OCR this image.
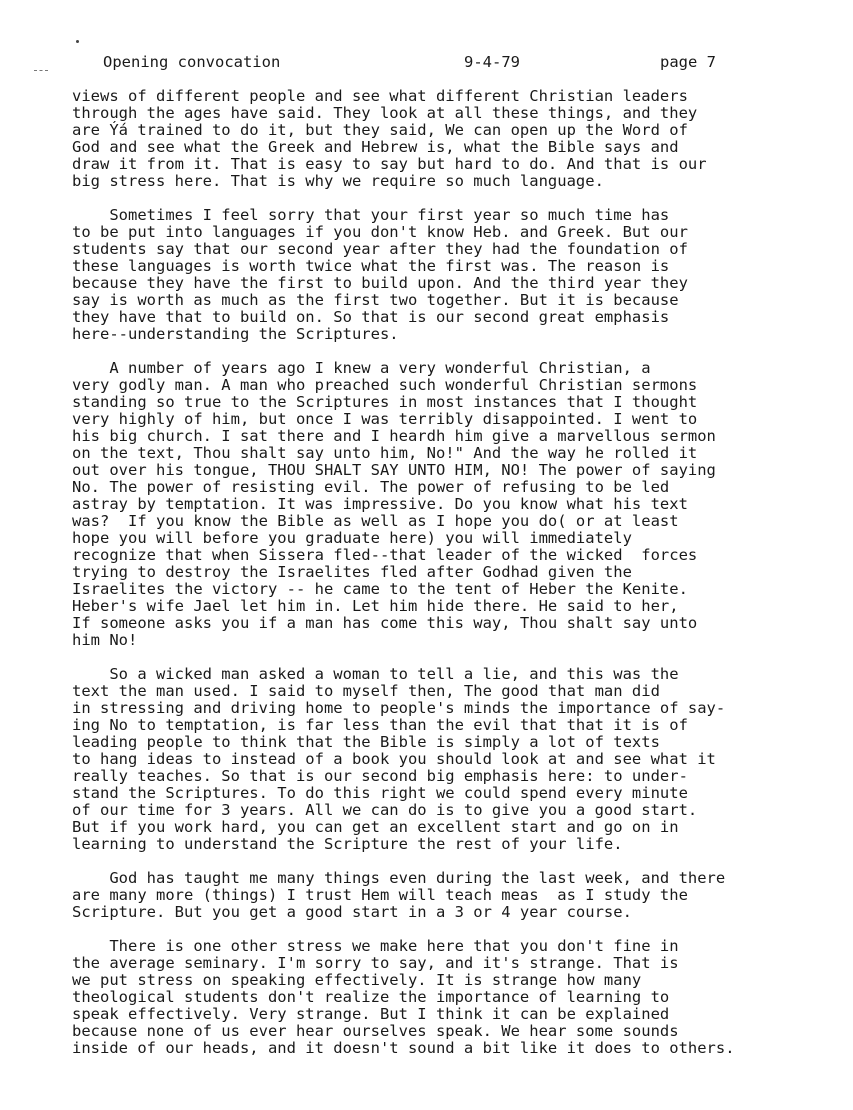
Opening convocation	9-4-79	page 7
views of different people and see what different Christian leaders
through the ages have said. They look at all these things, and they
are Ýá trained to do it, but they said, We can open up the Word of
God and see what the Greek and Hebrew is, what the Bible says and
draw it from it. That is easy to say but hard to do. And that is our
big stress here. That is why we require so much language.
Sometimes I feel sorry that your first year so much time has
to be put into languages if you don't know Heb. and Greek. But our
students say that our second year after they had the foundation of
these languages is worth twice what the first was. The reason is
because they have the first to build upon. And the third year they
say is worth as much as the first two together. But it is because
they have that to build on. So that is our second great emphasis
here--understanding the Scriptures.
A number of years ago I knew a very wonderful Christian, a
very godly man. A man who preached such wonderful Christian sermons
standing so true to the Scriptures in most instances that I thought
very highly of him, but once I was terribly disappointed. I went to
his big church. I sat there and I heardh him give a marvellous sermon
on the text, Thou shalt say unto him, No!" And the way he rolled it
out over his tongue, THOU SHALT SAY UNTO HIM, NO! The power of saying
No. The power of resisting evil. The power of refusing to be led
astray by temptation. It was impressive. Do you know what his text
was?  If you know the Bible as well as I hope you do( or at least
hope you will before you graduate here) you will immediately
recognize that when Sissera fled--that leader of the wicked  forces
trying to destroy the Israelites fled after Godhad given the
Israelites the victory -- he came to the tent of Heber the Kenite.
Heber's wife Jael let him in. Let him hide there. He said to her,
If someone asks you if a man has come this way, Thou shalt say unto
him No!
So a wicked man asked a woman to tell a lie, and this was the
text the man used. I said to myself then, The good that man did
in stressing and driving home to people's minds the importance of say-
ing No to temptation, is far less than the evil that that it is of
leading people to think that the Bible is simply a lot of texts
to hang ideas to instead of a book you should look at and see what it
really teaches. So that is our second big emphasis here: to under-
stand the Scriptures. To do this right we could spend every minute
of our time for 3 years. All we can do is to give you a good start.
But if you work hard, you can get an excellent start and go on in
learning to understand the Scripture the rest of your life.
God has taught me many things even during the last week, and there
are many more (things) I trust Hem will teach meas  as I study the
Scripture. But you get a good start in a 3 or 4 year course.
There is one other stress we make here that you don't fine in
the average seminary. I'm sorry to say, and it's strange. That is
we put stress on speaking effectively. It is strange how many
theological students don't realize the importance of learning to
speak effectively. Very strange. But I think it can be explained
because none of us ever hear ourselves speak. We hear some sounds
inside of our heads, and it doesn't sound a bit like it does to others.
